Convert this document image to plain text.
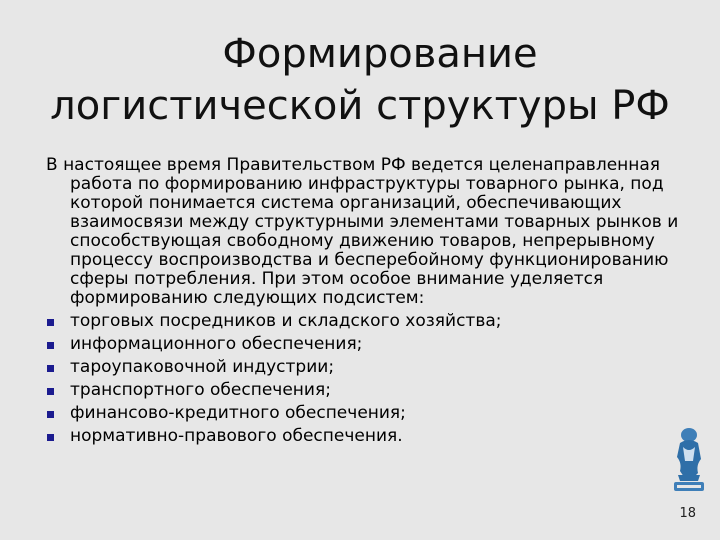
Формирование
логистической структуры РФ

В настоящее время Правительством РФ ведется целенаправленная работа по формированию инфраструктуры товарного рынка, под которой понимается система организаций, обеспечивающих взаимосвязи между структурными элементами товарных рынков и способствующая свободному движению товаров, непрерывному процессу воспроизводства и бесперебойному функционированию сферы потребления. При этом особое внимание уделяется формированию следующих подсистем:

торговых посредников и складского хозяйства;
информационного обеспечения;
тароупаковочной индустрии;
транспортного обеспечения;
финансово-кредитного обеспечения;
нормативно-правового обеспечения.
18
